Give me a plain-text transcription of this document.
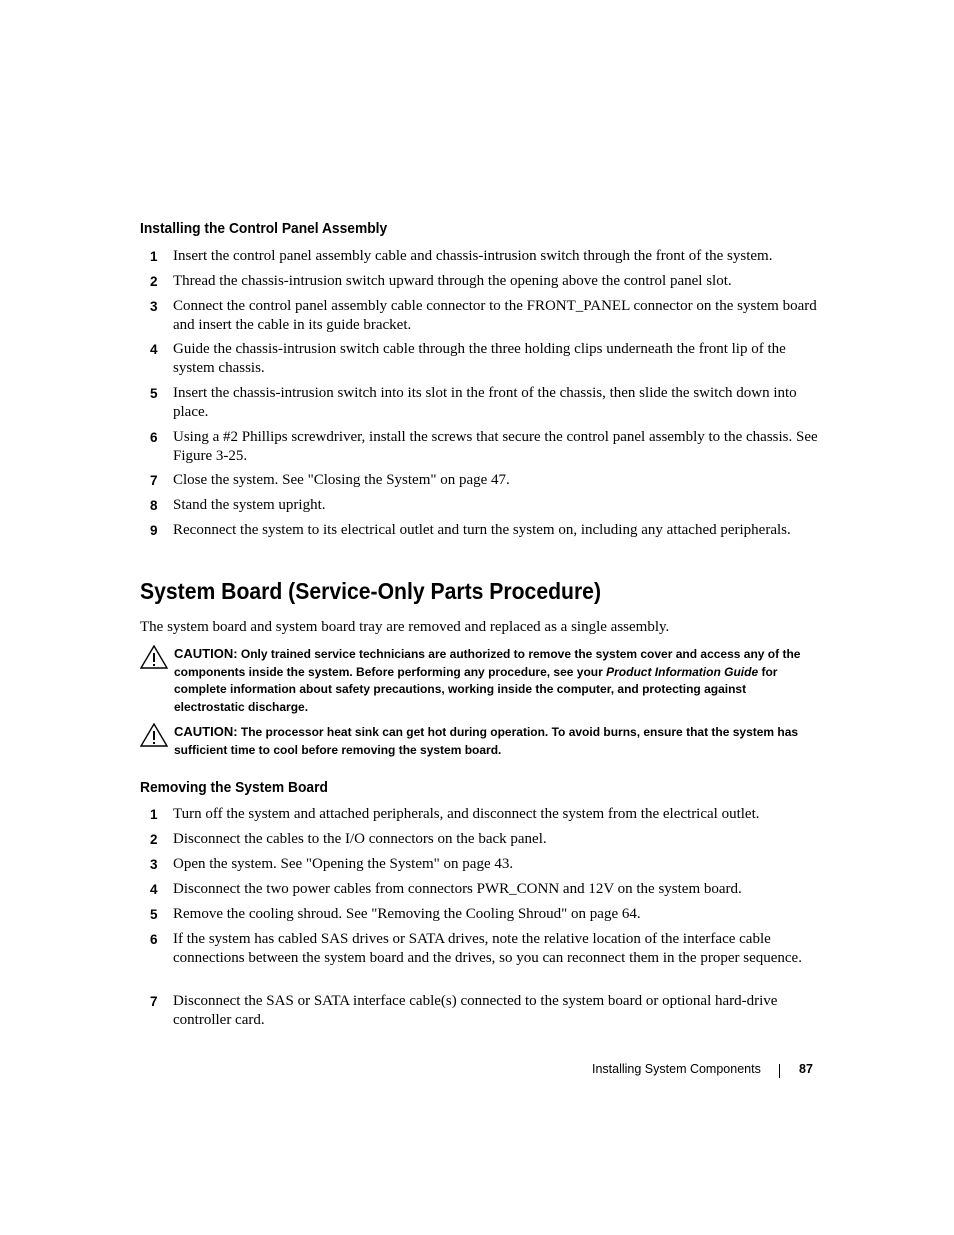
Installing the Control Panel Assembly
1 Insert the control panel assembly cable and chassis-intrusion switch through the front of the system.
2 Thread the chassis-intrusion switch upward through the opening above the control panel slot.
3 Connect the control panel assembly cable connector to the FRONT_PANEL connector on the system board and insert the cable in its guide bracket.
4 Guide the chassis-intrusion switch cable through the three holding clips underneath the front lip of the system chassis.
5 Insert the chassis-intrusion switch into its slot in the front of the chassis, then slide the switch down into place.
6 Using a #2 Phillips screwdriver, install the screws that secure the control panel assembly to the chassis. See Figure 3-25.
7 Close the system. See "Closing the System" on page 47.
8 Stand the system upright.
9 Reconnect the system to its electrical outlet and turn the system on, including any attached peripherals.
System Board (Service-Only Parts Procedure)
The system board and system board tray are removed and replaced as a single assembly.
CAUTION: Only trained service technicians are authorized to remove the system cover and access any of the components inside the system. Before performing any procedure, see your Product Information Guide for complete information about safety precautions, working inside the computer, and protecting against electrostatic discharge.
CAUTION: The processor heat sink can get hot during operation. To avoid burns, ensure that the system has sufficient time to cool before removing the system board.
Removing the System Board
1 Turn off the system and attached peripherals, and disconnect the system from the electrical outlet.
2 Disconnect the cables to the I/O connectors on the back panel.
3 Open the system. See "Opening the System" on page 43.
4 Disconnect the two power cables from connectors PWR_CONN and 12V on the system board.
5 Remove the cooling shroud. See "Removing the Cooling Shroud" on page 64.
6 If the system has cabled SAS drives or SATA drives, note the relative location of the interface cable connections between the system board and the drives, so you can reconnect them in the proper sequence.
7 Disconnect the SAS or SATA interface cable(s) connected to the system board or optional hard-drive controller card.
Installing System Components	87
